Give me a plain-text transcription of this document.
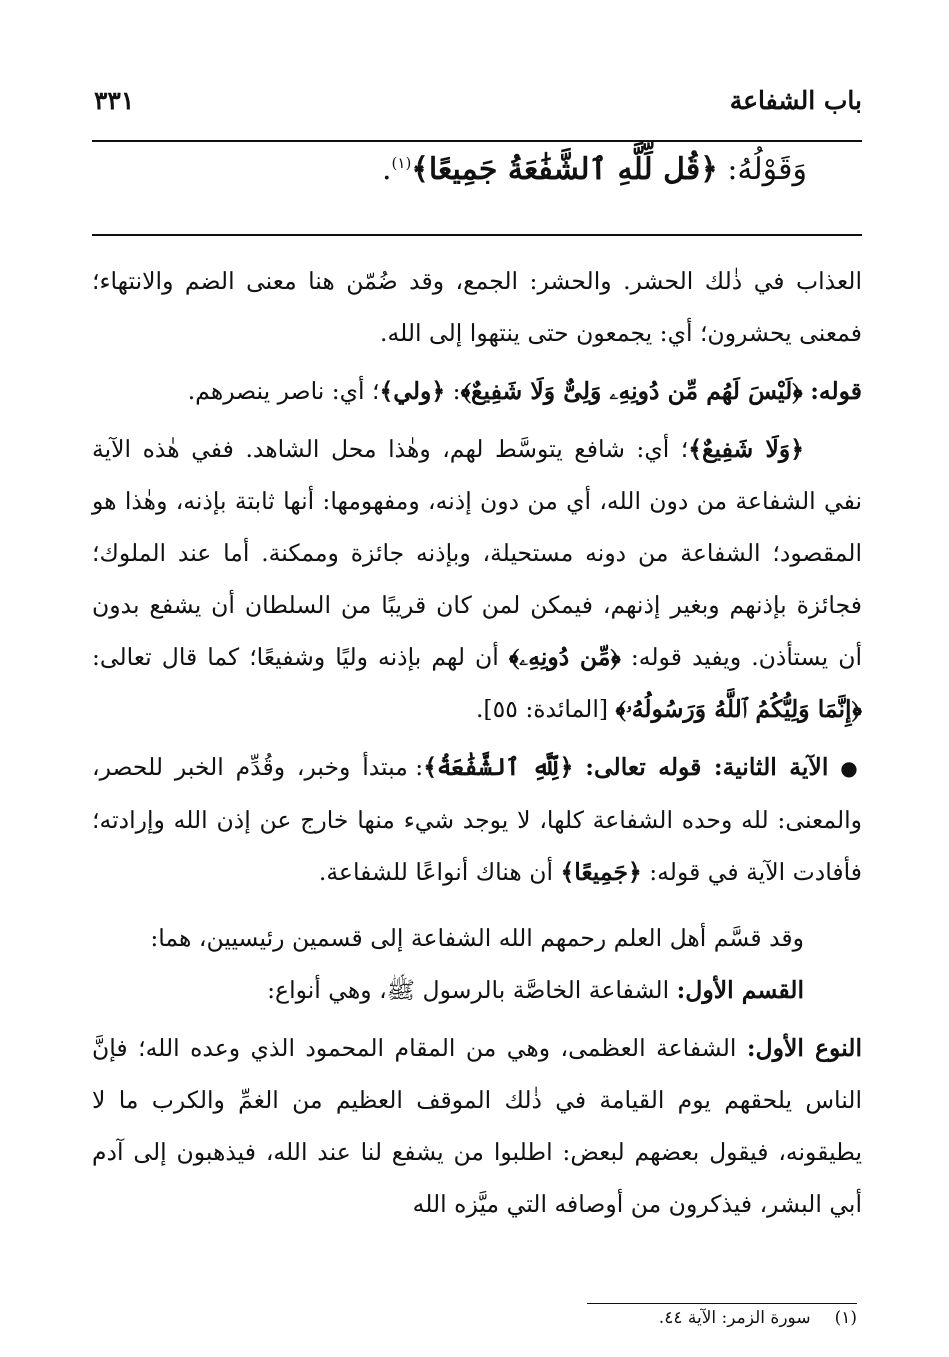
باب الشفاعة
٣٣١
وَقَوْلُهُ: ﴿قُل لِّلَّهِ ٱلشَّفَٰعَةُ جَمِيعًا﴾$^{(١)}$.

العذاب في ذٰلك الحشر. والحشر: الجمع، وقد ضُمّن هنا معنى الضم والانتهاء؛ فمعنى يحشرون؛ أي: يجمعون حتى ينتهوا إلى الله.

قوله: ﴿لَيْسَ لَهُم مِّن دُونِهِۦ وَلِىٌّ وَلَا شَفِيعٌ﴾: ﴿ولي﴾؛ أي: ناصر ينصرهم.

﴿وَلَا شَفِيعٌ﴾؛ أي: شافع يتوسَّط لهم، وهٰذا محل الشاهد. ففي هٰذه الآية نفي الشفاعة من دون الله، أي من دون إذنه، ومفهومها: أنها ثابتة بإذنه، وهٰذا هو المقصود؛ الشفاعة من دونه مستحيلة، وبإذنه جائزة وممكنة. أما عند الملوك؛ فجائزة بإذنهم وبغير إذنهم، فيمكن لمن كان قريبًا من السلطان أن يشفع بدون أن يستأذن. ويفيد قوله: ﴿مِّن دُونِهِۦ﴾ أن لهم بإذنه وليًا وشفيعًا؛ كما قال تعالى: ﴿إِنَّمَا وَلِيُّكُمُ ٱللَّهُ وَرَسُولُهُۥ﴾ [المائدة: ٥٥].

● الآية الثانية: قوله تعالى: ﴿لِّلَّهِ ٱلشَّفَٰعَةُ﴾: مبتدأ وخبر، وقُدِّم الخبر للحصر، والمعنى: لله وحده الشفاعة كلها، لا يوجد شيء منها خارج عن إذن الله وإرادته؛ فأفادت الآية في قوله: ﴿جَمِيعًا﴾ أن هناك أنواعًا للشفاعة.

وقد قسَّم أهل العلم رحمهم الله الشفاعة إلى قسمين رئيسيين، هما:

القسم الأول: الشفاعة الخاصَّة بالرسول ﷺ، وهي أنواع:

النوع الأول: الشفاعة العظمى، وهي من المقام المحمود الذي وعده الله؛ فإنَّ الناس يلحقهم يوم القيامة في ذٰلك الموقف العظيم من الغمِّ والكرب ما لا يطيقونه، فيقول بعضهم لبعض: اطلبوا من يشفع لنا عند الله، فيذهبون إلى آدم أبي البشر، فيذكرون من أوصافه التي ميَّزه الله

(١)سورة الزمر: الآية ٤٤.
